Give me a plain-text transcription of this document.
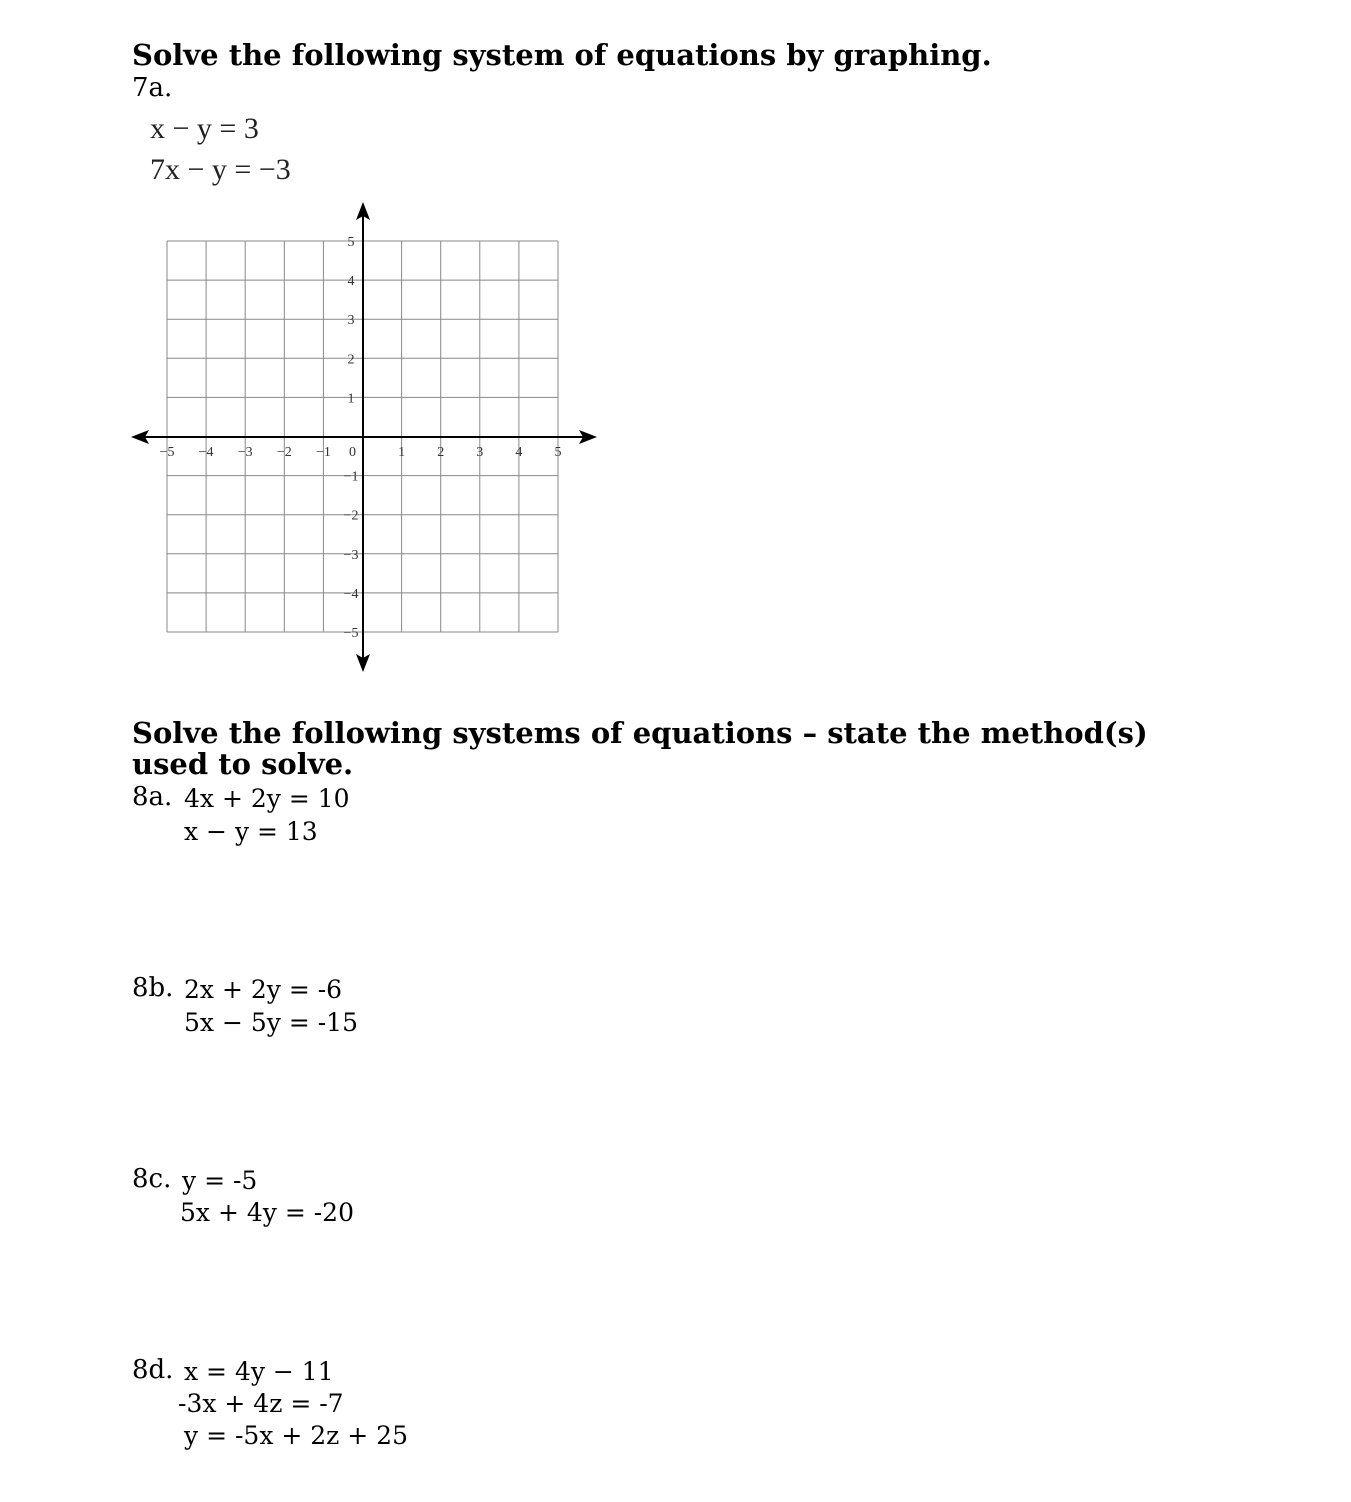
Solve the following system of equations by graphing.
7a.
x − y = 3
7x − y = −3
−5 −4 −3 −2 −1 0	1 2 3 4 5
5
4
3
2
1
−1
−2
−3
−4
−5
Solve the following systems of equations – state the method(s) used to solve.
8a. 4x + 2y = 10
x − y = 13
8b. 2x + 2y = -6
5x − 5y = -15
8c. y = -5
5x + 4y = -20
8d. x = 4y − 11
-3x + 4z = -7
y = -5x + 2z + 25
